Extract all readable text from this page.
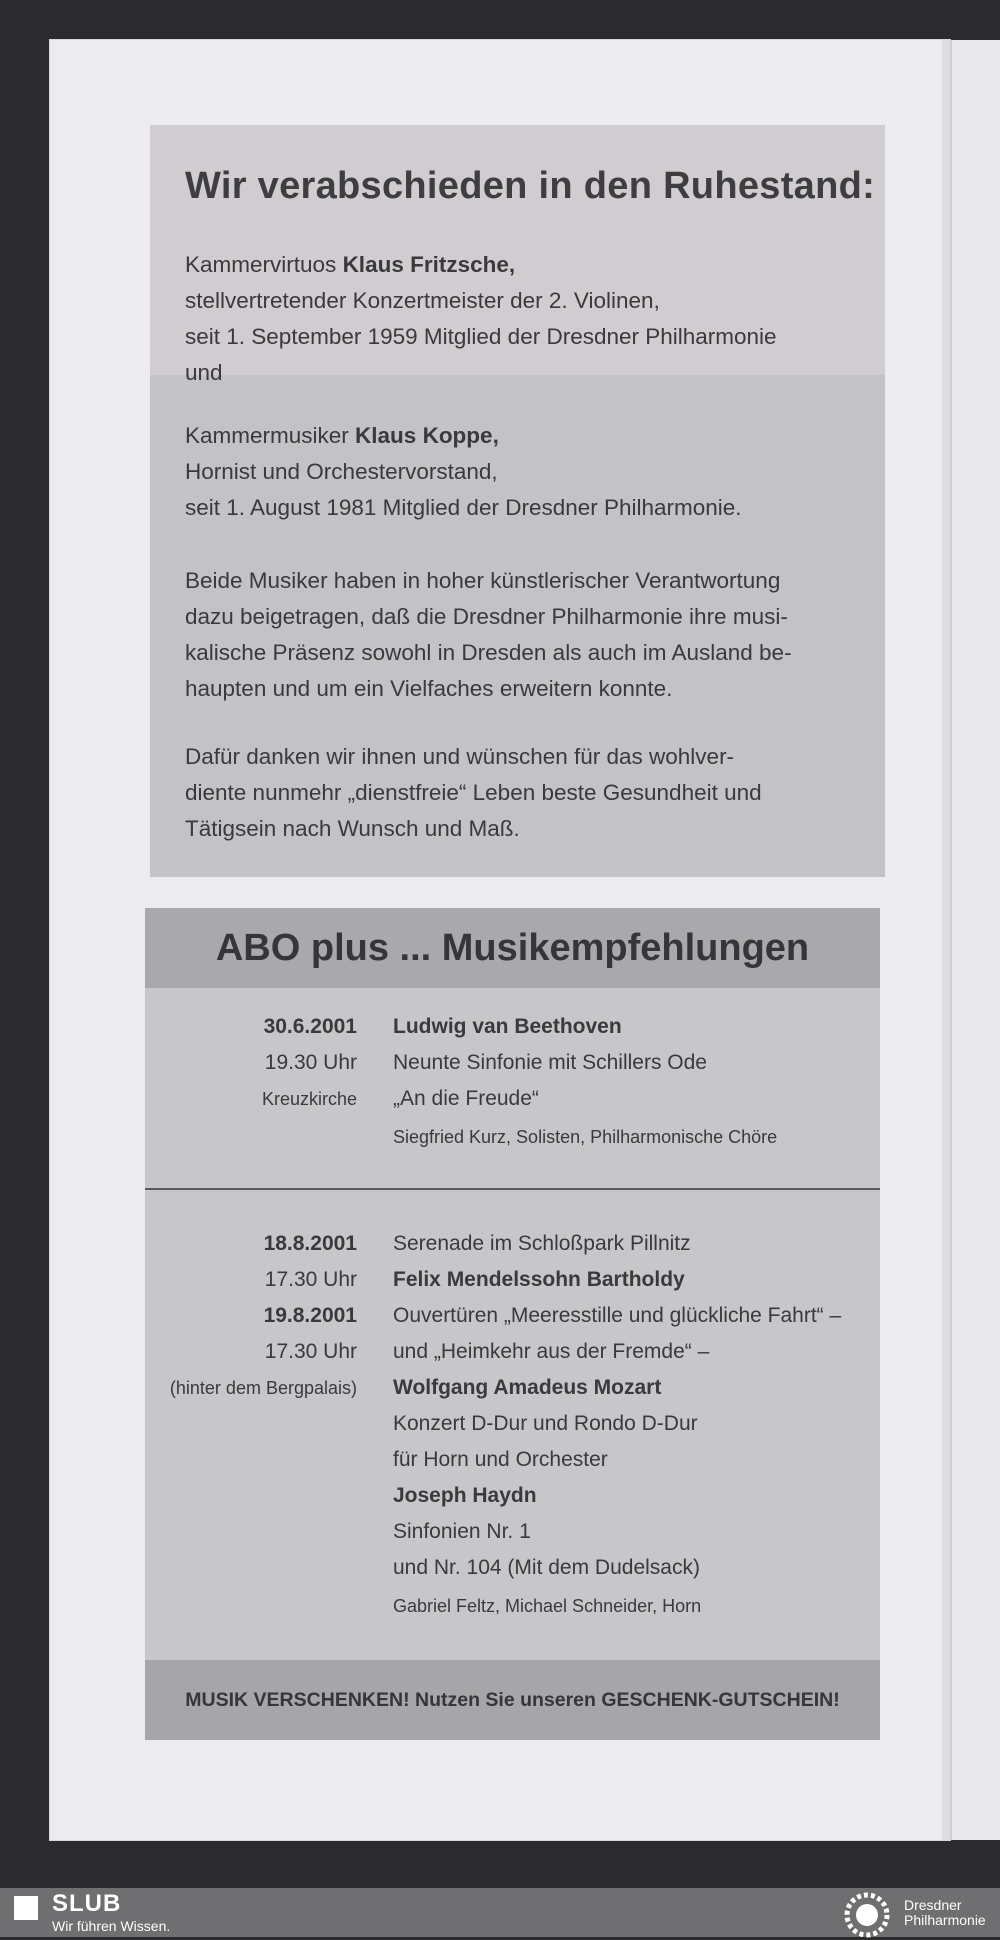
Wir verabschieden in den Ruhestand:

Kammervirtuos Klaus Fritzsche,
stellvertretender Konzertmeister der 2. Violinen,
seit 1. September 1959 Mitglied der Dresdner Philharmonie
und

Kammermusiker Klaus Koppe,
Hornist und Orchestervorstand,
seit 1. August 1981 Mitglied der Dresdner Philharmonie.

Beide Musiker haben in hoher künstlerischer Verantwortung
dazu beigetragen, daß die Dresdner Philharmonie ihre musi-
kalische Präsenz sowohl in Dresden als auch im Ausland be-
haupten und um ein Vielfaches erweitern konnte.

Dafür danken wir ihnen und wünschen für das wohlver-
diente nunmehr „dienstfreie“ Leben beste Gesundheit und
Tätigsein nach Wunsch und Maß.

ABO plus ... Musikempfehlungen
30.6.2001
19.30 Uhr
Kreuzkirche
Ludwig van Beethoven
Neunte Sinfonie mit Schillers Ode
„An die Freude“
Siegfried Kurz, Solisten, Philharmonische Chöre
18.8.2001
17.30 Uhr
19.8.2001
17.30 Uhr
(hinter dem Bergpalais)
Serenade im Schloßpark Pillnitz
Felix Mendelssohn Bartholdy
Ouvertüren „Meeresstille und glückliche Fahrt“ –
und „Heimkehr aus der Fremde“ –
Wolfgang Amadeus Mozart
Konzert D-Dur und Rondo D-Dur
für Horn und Orchester
Joseph Haydn
Sinfonien Nr. 1
und Nr. 104 (Mit dem Dudelsack)
Gabriel Feltz, Michael Schneider, Horn

MUSIK VERSCHENKEN! Nutzen Sie unseren GESCHENK-GUTSCHEIN!

SLUB
Wir führen Wissen.
Dresdner
Philharmonie
